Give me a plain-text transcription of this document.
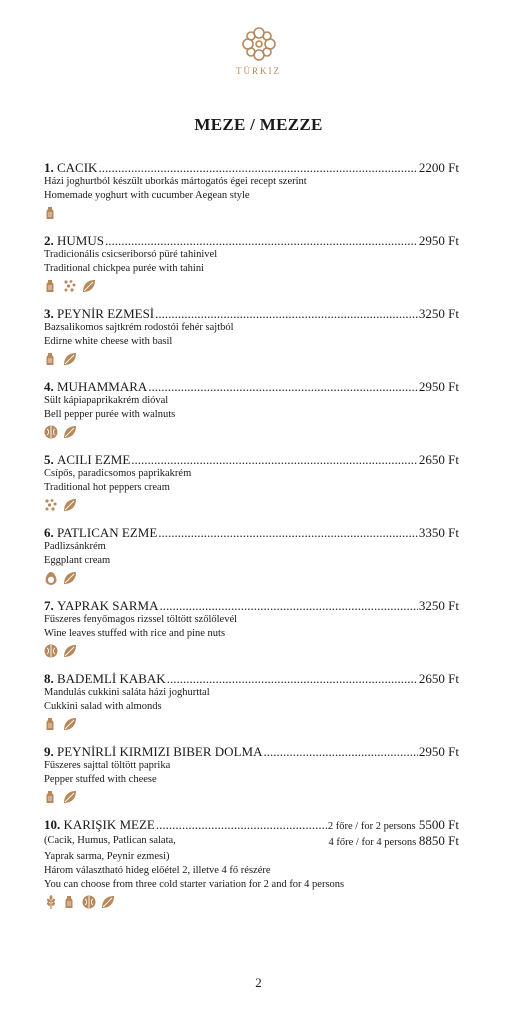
TÜRKIZ
MEZE / MEZZE
1. CACIK .....	2200 Ft
Házi joghurtból készült uborkás mártogatós égei recept szerint
Homemade yoghurt with cucumber Aegean style
2. HUMUS .....	2950 Ft
Tradicionális csicseriborsó püré tahinivel
Traditional chickpea purée with tahini
3. PEYNİR EZMESİ .....	3250 Ft
Bazsalikomos sajtkrém rodostói fehér sajtból
Edirne white cheese with basil
4. MUHAMMARA .....	2950 Ft
Sült kápiapaprikakrém dióval
Bell pepper purée with walnuts
5. ACILI EZME .....	2650 Ft
Csípős, paradicsomos paprikakrém
Traditional hot peppers cream
6. PATLICAN EZME .....	3350 Ft
Padlizsánkrém
Eggplant cream
7. YAPRAK SARMA .....	3250 Ft
Fűszeres fenyőmagos rizssel töltött szőlőlevél
Wine leaves stuffed with rice and pine nuts
8. BADEMLİ KABAK .....	2650 Ft
Mandulás cukkini saláta házi joghurttal
Cukkini salad with almonds
9. PEYNİRLİ KIRMIZI BIBER DOLMA .....	2950 Ft
Fűszeres sajttal töltött paprika
Pepper stuffed with cheese
10. KARIŞIK MEZE .....	2 főre / for 2 persons 5500 Ft
(Cacik, Humus, Patlican salata,	4 főre / for 4 persons 8850 Ft
Yaprak sarma, Peynir ezmesi)
Három választható hideg előétel 2, illetve 4 fő részére
You can choose from three cold starter variation for 2 and for 4 persons
2
